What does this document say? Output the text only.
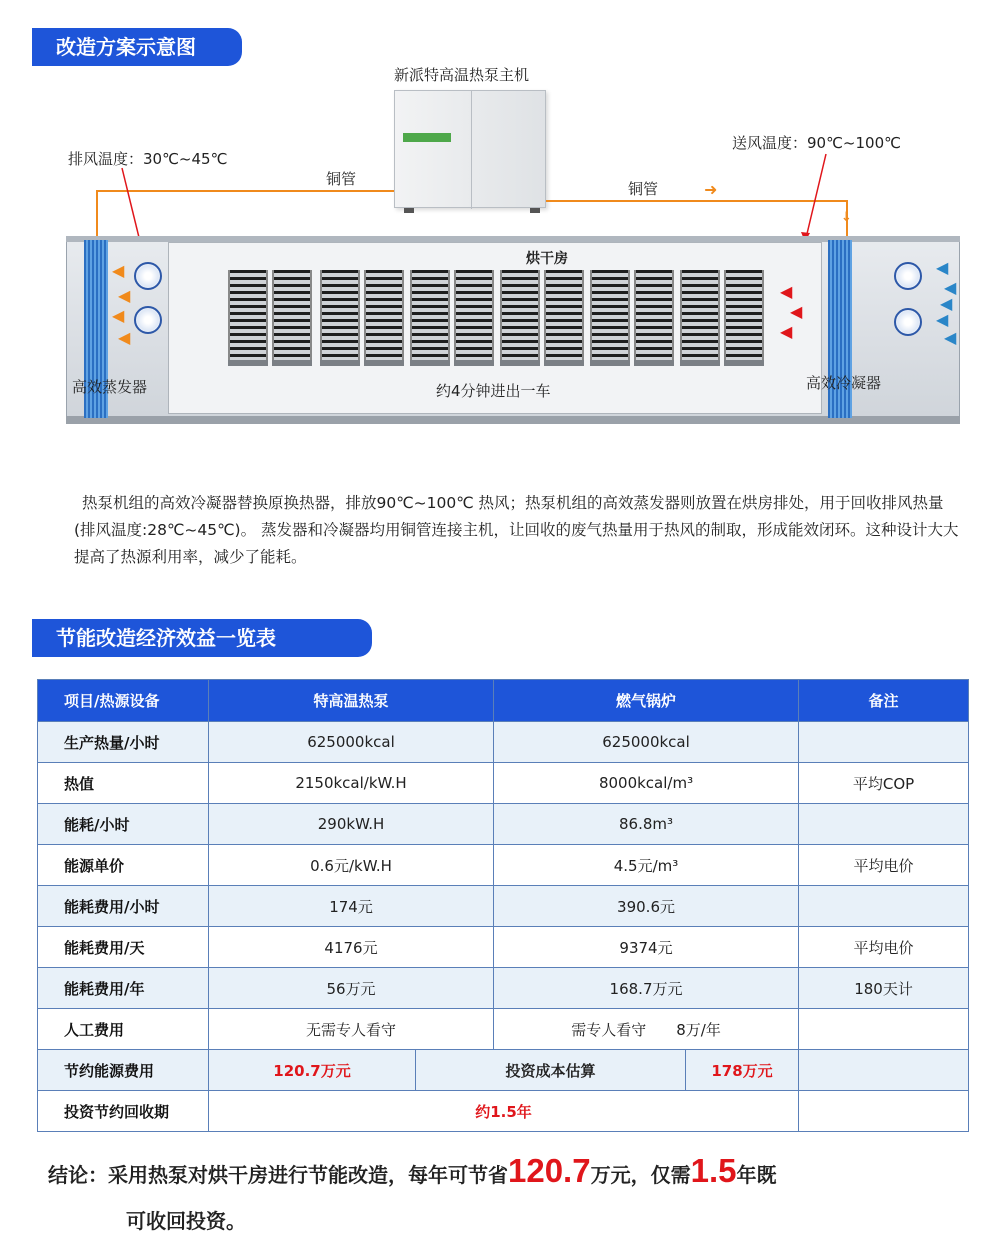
改造方案示意图
新派特高温热泵主机
排风温度：30℃~45℃
送风温度：90℃~100℃
铜管
铜管	➜
↓
烘干房
◀
◀
◀
◀
◀
◀
◀
◀
◀
◀
◀
◀
高效蒸发器	约4分钟进出一车	高效冷凝器

热泵机组的高效冷凝器替换原换热器，排放90℃~100℃ 热风；热泵机组的高效蒸发器则放置在烘房排处，用于回收排风热量(排风温度:28℃~45℃)。 蒸发器和冷凝器均用铜管连接主机，让回收的废气热量用于热风的制取，形成能效闭环。这种设计大大提高了热源利用率，减少了能耗。

节能改造经济效益一览表
项目/热源设备	特高温热泵		燃气锅炉		备注
生产热量/小时	625000kcal		625000kcal		
热值	2150kcal/kW.H		8000kcal/m³		平均COP
能耗/小时	290kW.H		86.8m³		
能源单价	0.6元/kW.H		4.5元/m³		平均电价
能耗费用/小时	174元		390.6元		
能耗费用/天	4176元		9374元		平均电价
能耗费用/年	56万元		168.7万元		180天计
人工费用	无需专人看守		需专人看守　　8万/年		
节约能源费用	120.7万元	投资成本估算		178万元	
投资节约回收期	约1.5年				
结论：采用热泵对烘干房进行节能改造，每年可节省120.7万元，仅需1.5年既
可收回投资。
